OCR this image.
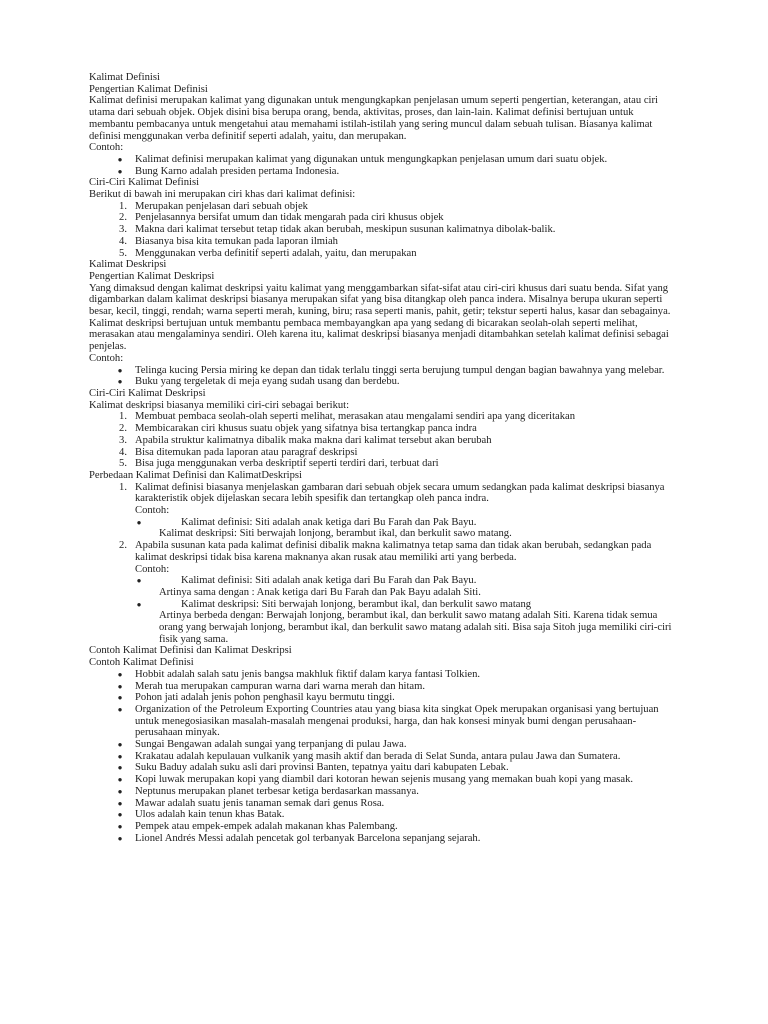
Kalimat Definisi

Pengertian Kalimat Definisi

Kalimat definisi merupakan kalimat yang digunakan untuk mengungkapkan penjelasan umum seperti pengertian, keterangan, atau ciri utama dari sebuah objek. Objek disini bisa berupa orang, benda, aktivitas, proses, dan lain-lain. Kalimat definisi bertujuan untuk membantu pembacanya untuk mengetahui atau memahami istilah-istilah yang sering muncul dalam sebuah tulisan. Biasanya kalimat definisi menggunakan verba definitif seperti adalah, yaitu, dan merupakan.

Contoh:

● Kalimat definisi merupakan kalimat yang digunakan untuk mengungkapkan penjelasan umum dari suatu objek.
● Bung Karno adalah presiden pertama Indonesia.

Ciri-Ciri Kalimat Definisi

Berikut di bawah ini merupakan ciri khas dari kalimat definisi:

1. Merupakan penjelasan dari sebuah objek
2. Penjelasannya bersifat umum dan tidak mengarah pada ciri khusus objek
3. Makna dari kalimat tersebut tetap tidak akan berubah, meskipun susunan kalimatnya dibolak-balik.
4. Biasanya bisa kita temukan pada laporan ilmiah
5. Menggunakan verba definitif seperti adalah, yaitu, dan merupakan

Kalimat Deskripsi

Pengertian Kalimat Deskripsi

Yang dimaksud dengan kalimat deskripsi yaitu kalimat yang menggambarkan sifat-sifat atau ciri-ciri khusus dari suatu benda. Sifat yang digambarkan dalam kalimat deskripsi biasanya merupakan sifat yang bisa ditangkap oleh panca indera. Misalnya berupa ukuran seperti besar, kecil, tinggi, rendah; warna seperti merah, kuning, biru; rasa seperti manis, pahit, getir; tekstur seperti halus, kasar dan sebagainya.

Kalimat deskripsi bertujuan untuk membantu pembaca membayangkan apa yang sedang di bicarakan seolah-olah seperti melihat, merasakan atau mengalaminya sendiri. Oleh karena itu, kalimat deskripsi biasanya menjadi ditambahkan setelah kalimat definisi sebagai penjelas.

Contoh:

● Telinga kucing Persia miring ke depan dan tidak terlalu tinggi serta berujung tumpul dengan bagian bawahnya yang melebar.
● Buku yang tergeletak di meja eyang sudah usang dan berdebu.

Ciri-Ciri Kalimat Deskripsi

Kalimat deskripsi biasanya memiliki ciri-ciri sebagai berikut:

1. Membuat pembaca seolah-olah seperti melihat, merasakan atau mengalami sendiri apa yang diceritakan
2. Membicarakan ciri khusus suatu objek yang sifatnya bisa tertangkap panca indra
3. Apabila struktur kalimatnya dibalik maka makna dari kalimat tersebut akan berubah
4. Bisa ditemukan pada laporan atau paragraf deskripsi
5. Bisa juga menggunakan verba deskriptif seperti terdiri dari, terbuat dari

Perbedaan Kalimat Definisi dan KalimatDeskripsi

1. Kalimat definisi biasanya menjelaskan gambaran dari sebuah objek secara umum sedangkan pada kalimat deskripsi biasanya karakteristik objek dijelaskan secara lebih spesifik dan tertangkap oleh panca indra.
Contoh:
●	Kalimat definisi: Siti adalah anak ketiga dari Bu Farah dan Pak Bayu.
Kalimat deskripsi: Siti berwajah lonjong, berambut ikal, dan berkulit sawo matang.
2. Apabila susunan kata pada kalimat definisi dibalik makna kalimatnya tetap sama dan tidak akan berubah, sedangkan pada kalimat deskripsi tidak bisa karena maknanya akan rusak atau memiliki arti yang berbeda.
Contoh:
●	Kalimat definisi: Siti adalah anak ketiga dari Bu Farah dan Pak Bayu.
Artinya sama dengan : Anak ketiga dari Bu Farah dan Pak Bayu adalah Siti.
●	Kalimat deskripsi: Siti berwajah lonjong, berambut ikal, dan berkulit sawo matang
Artinya berbeda dengan: Berwajah lonjong, berambut ikal, dan berkulit sawo matang adalah Siti. Karena tidak semua orang yang berwajah lonjong, berambut ikal, dan berkulit sawo matang adalah siti. Bisa saja Sitoh juga memiliki ciri-ciri fisik yang sama.

Contoh Kalimat Definisi dan Kalimat Deskripsi

Contoh Kalimat Definisi

● Hobbit adalah salah satu jenis bangsa makhluk fiktif dalam karya fantasi Tolkien.
● Merah tua merupakan campuran warna dari warna merah dan hitam.
● Pohon jati adalah jenis pohon penghasil kayu bermutu tinggi.
● Organization of the Petroleum Exporting Countries atau yang biasa kita singkat Opek merupakan organisasi yang bertujuan untuk menegosiasikan masalah-masalah mengenai produksi, harga, dan hak konsesi minyak bumi dengan perusahaan-perusahaan minyak.
● Sungai Bengawan adalah sungai yang terpanjang di pulau Jawa.
● Krakatau adalah kepulauan vulkanik yang masih aktif dan berada di Selat Sunda, antara pulau Jawa dan Sumatera.
● Suku Baduy adalah suku asli dari provinsi Banten, tepatnya yaitu dari kabupaten Lebak.
● Kopi luwak merupakan kopi yang diambil dari kotoran hewan sejenis musang yang memakan buah kopi yang masak.
● Neptunus merupakan planet terbesar ketiga berdasarkan massanya.
● Mawar adalah suatu jenis tanaman semak dari genus Rosa.
● Ulos adalah kain tenun khas Batak.
● Pempek atau empek-empek adalah makanan khas Palembang.
● Lionel Andrés Messi adalah pencetak gol terbanyak Barcelona sepanjang sejarah.
